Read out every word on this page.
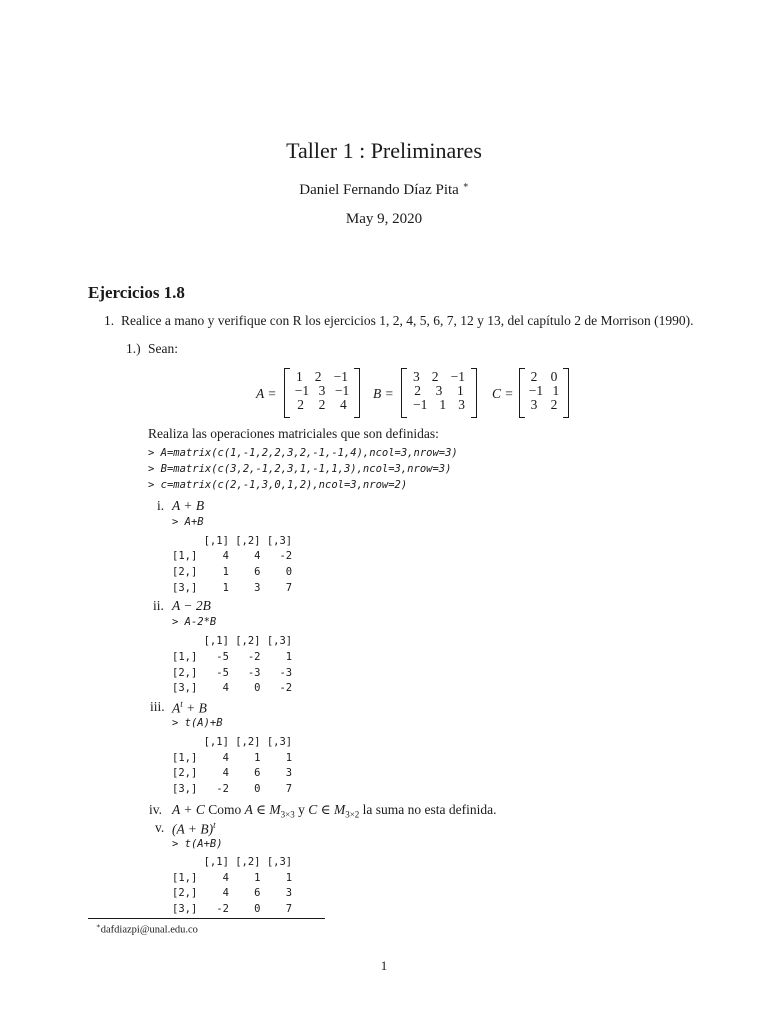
Taller 1 : Preliminares
Daniel Fernando Díaz Pita ∗
May 9, 2020
Ejercicios 1.8
1. Realice a mano y verifique con R los ejercicios 1, 2, 4, 5, 6, 7, 12 y 13, del capítulo 2 de Morrison (1990).
1.) Sean:
A =
1 2 −1
−1 3 −1
2 2 4
B =
3 2 −1
2 3 1
−1 1 3
C =
2 0
−1 1
3 2
Realiza las operaciones matriciales que son definidas:
> A=matrix(c(1,-1,2,2,3,2,-1,-1,4),ncol=3,nrow=3)
> B=matrix(c(3,2,-1,2,3,1,-1,1,3),ncol=3,nrow=3)
> c=matrix(c(2,-1,3,0,1,2),ncol=3,nrow=2)
i. A + B
> A+B
[,1] [,2] [,3]
[1,]    4    4   -2
[2,]    1    6    0
[3,]    1    3    7
ii. A − 2B
> A-2*B
[,1] [,2] [,3]
[1,]   -5   -2    1
[2,]   -5   -3   -3
[3,]    4    0   -2
iii. $A^t + B$
> t(A)+B
[,1] [,2] [,3]
[1,]    4    1    1
[2,]    4    6    3
[3,]   -2    0    7
iv. A + C Como A ∈ $M_{3\times 3}$ y C ∈ $M_{3\times 2}$ la suma no esta definida.
v. $(A + B)^t$
> t(A+B)
[,1] [,2] [,3]
[1,]    4    1    1
[2,]    4    6    3
[3,]   -2    0    7
∗dafdiazpi@unal.edu.co
1
